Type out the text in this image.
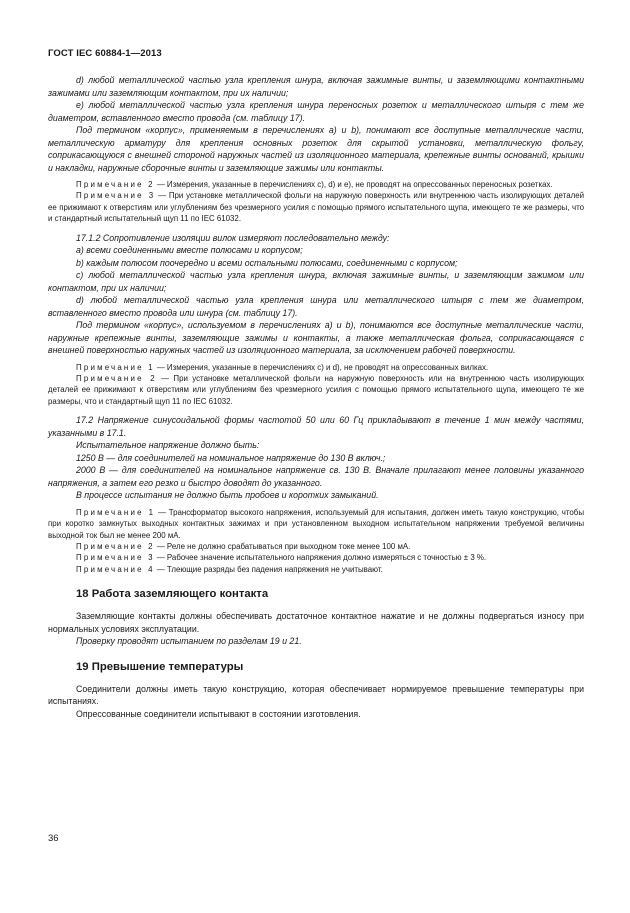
ГОСТ IEC 60884-1—2013

d) любой металлической частью узла крепления шнура, включая зажимные винты, и заземляющими контактными зажимами или заземляющим контактом, при их наличии;

e) любой металлической частью узла крепления шнура переносных розеток и металлического штыря с тем же диаметром, вставленного вместо провода (см. таблицу 17).

Под термином «корпус», применяемым в перечислениях а) и b), понимают все доступные металлические части, металлическую арматуру для крепления основных розеток для скрытой установки, металлическую фольгу, соприкасающуюся с внешней стороной наружных частей из изоляционного материала, крепежные винты оснований, крышки и накладки, наружные сборочные винты и заземляющие зажимы или контакты.

Примечание 2 — Измерения, указанные в перечислениях с), d) и е), не проводят на опрессованных переносных розетках.

Примечание 3 — При установке металлической фольги на наружную поверхность или внутреннюю часть изолирующих деталей ее прижимают к отверстиям или углублениям без чрезмерного усилия с помощью прямого испытательного щупа, имеющего те же размеры, что и стандартный испытательный щуп 11 по IEC 61032.

17.1.2 Сопротивление изоляции вилок измеряют последовательно между:

а) всеми соединенными вместе полюсами и корпусом;

b) каждым полюсом поочередно и всеми остальными полюсами, соединенными с корпусом;

с) любой металлической частью узла крепления шнура, включая зажимные винты, и заземляющим зажимом или контактом, при их наличии;

d) любой металлической частью узла крепления шнура или металлического штыря с тем же диаметром, вставленного вместо провода или шнура (см. таблицу 17).

Под термином «корпус», используемом в перечислениях а) и b), понимаются все доступные металлические части, наружные крепежные винты, заземляющие зажимы и контакты, а также металлическая фольга, соприкасающаяся с внешней поверхностью наружных частей из изоляционного материала, за исключением рабочей поверхности.

Примечание 1 — Измерения, указанные в перечислениях с) и d), не проводят на опрессованных вилках.

Примечание 2 — При установке металлической фольги на наружную поверхность или на внутреннюю часть изолирующих деталей ее прижимают к отверстиям или углублениям без чрезмерного усилия с помощью прямого испытательного щупа, имеющего те же размеры, что и стандартный щуп 11 по IEC 61032.

17.2 Напряжение синусоидальной формы частотой 50 или 60 Гц прикладывают в течение 1 мин между частями, указанными в 17.1.

Испытательное напряжение должно быть:

1250 В — для соединителей на номинальное напряжение до 130 В включ.;

2000 В — для соединителей на номинальное напряжение св. 130 В. Вначале прилагают менее половины указанного напряжения, а затем его резко и быстро доводят до указанного.

В процессе испытания не должно быть пробоев и коротких замыканий.

Примечание 1 — Трансформатор высокого напряжения, используемый для испытания, должен иметь такую конструкцию, чтобы при коротко замкнутых выходных контактных зажимах и при установленном выходном испытательном напряжении требуемой величины выходной ток был не менее 200 мА.

Примечание 2 — Реле не должно срабатываться при выходном токе менее 100 мА.

Примечание 3 — Рабочее значение испытательного напряжения должно измеряться с точностью ± 3 %.

Примечание 4 — Тлеющие разряды без падения напряжения не учитывают.

18 Работа заземляющего контакта

Заземляющие контакты должны обеспечивать достаточное контактное нажатие и не должны подвергаться износу при нормальных условиях эксплуатации.

Проверку проводят испытанием по разделам 19 и 21.

19 Превышение температуры

Соединители должны иметь такую конструкцию, которая обеспечивает нормируемое превышение температуры при испытаниях.

Опрессованные соединители испытывают в состоянии изготовления.

36
